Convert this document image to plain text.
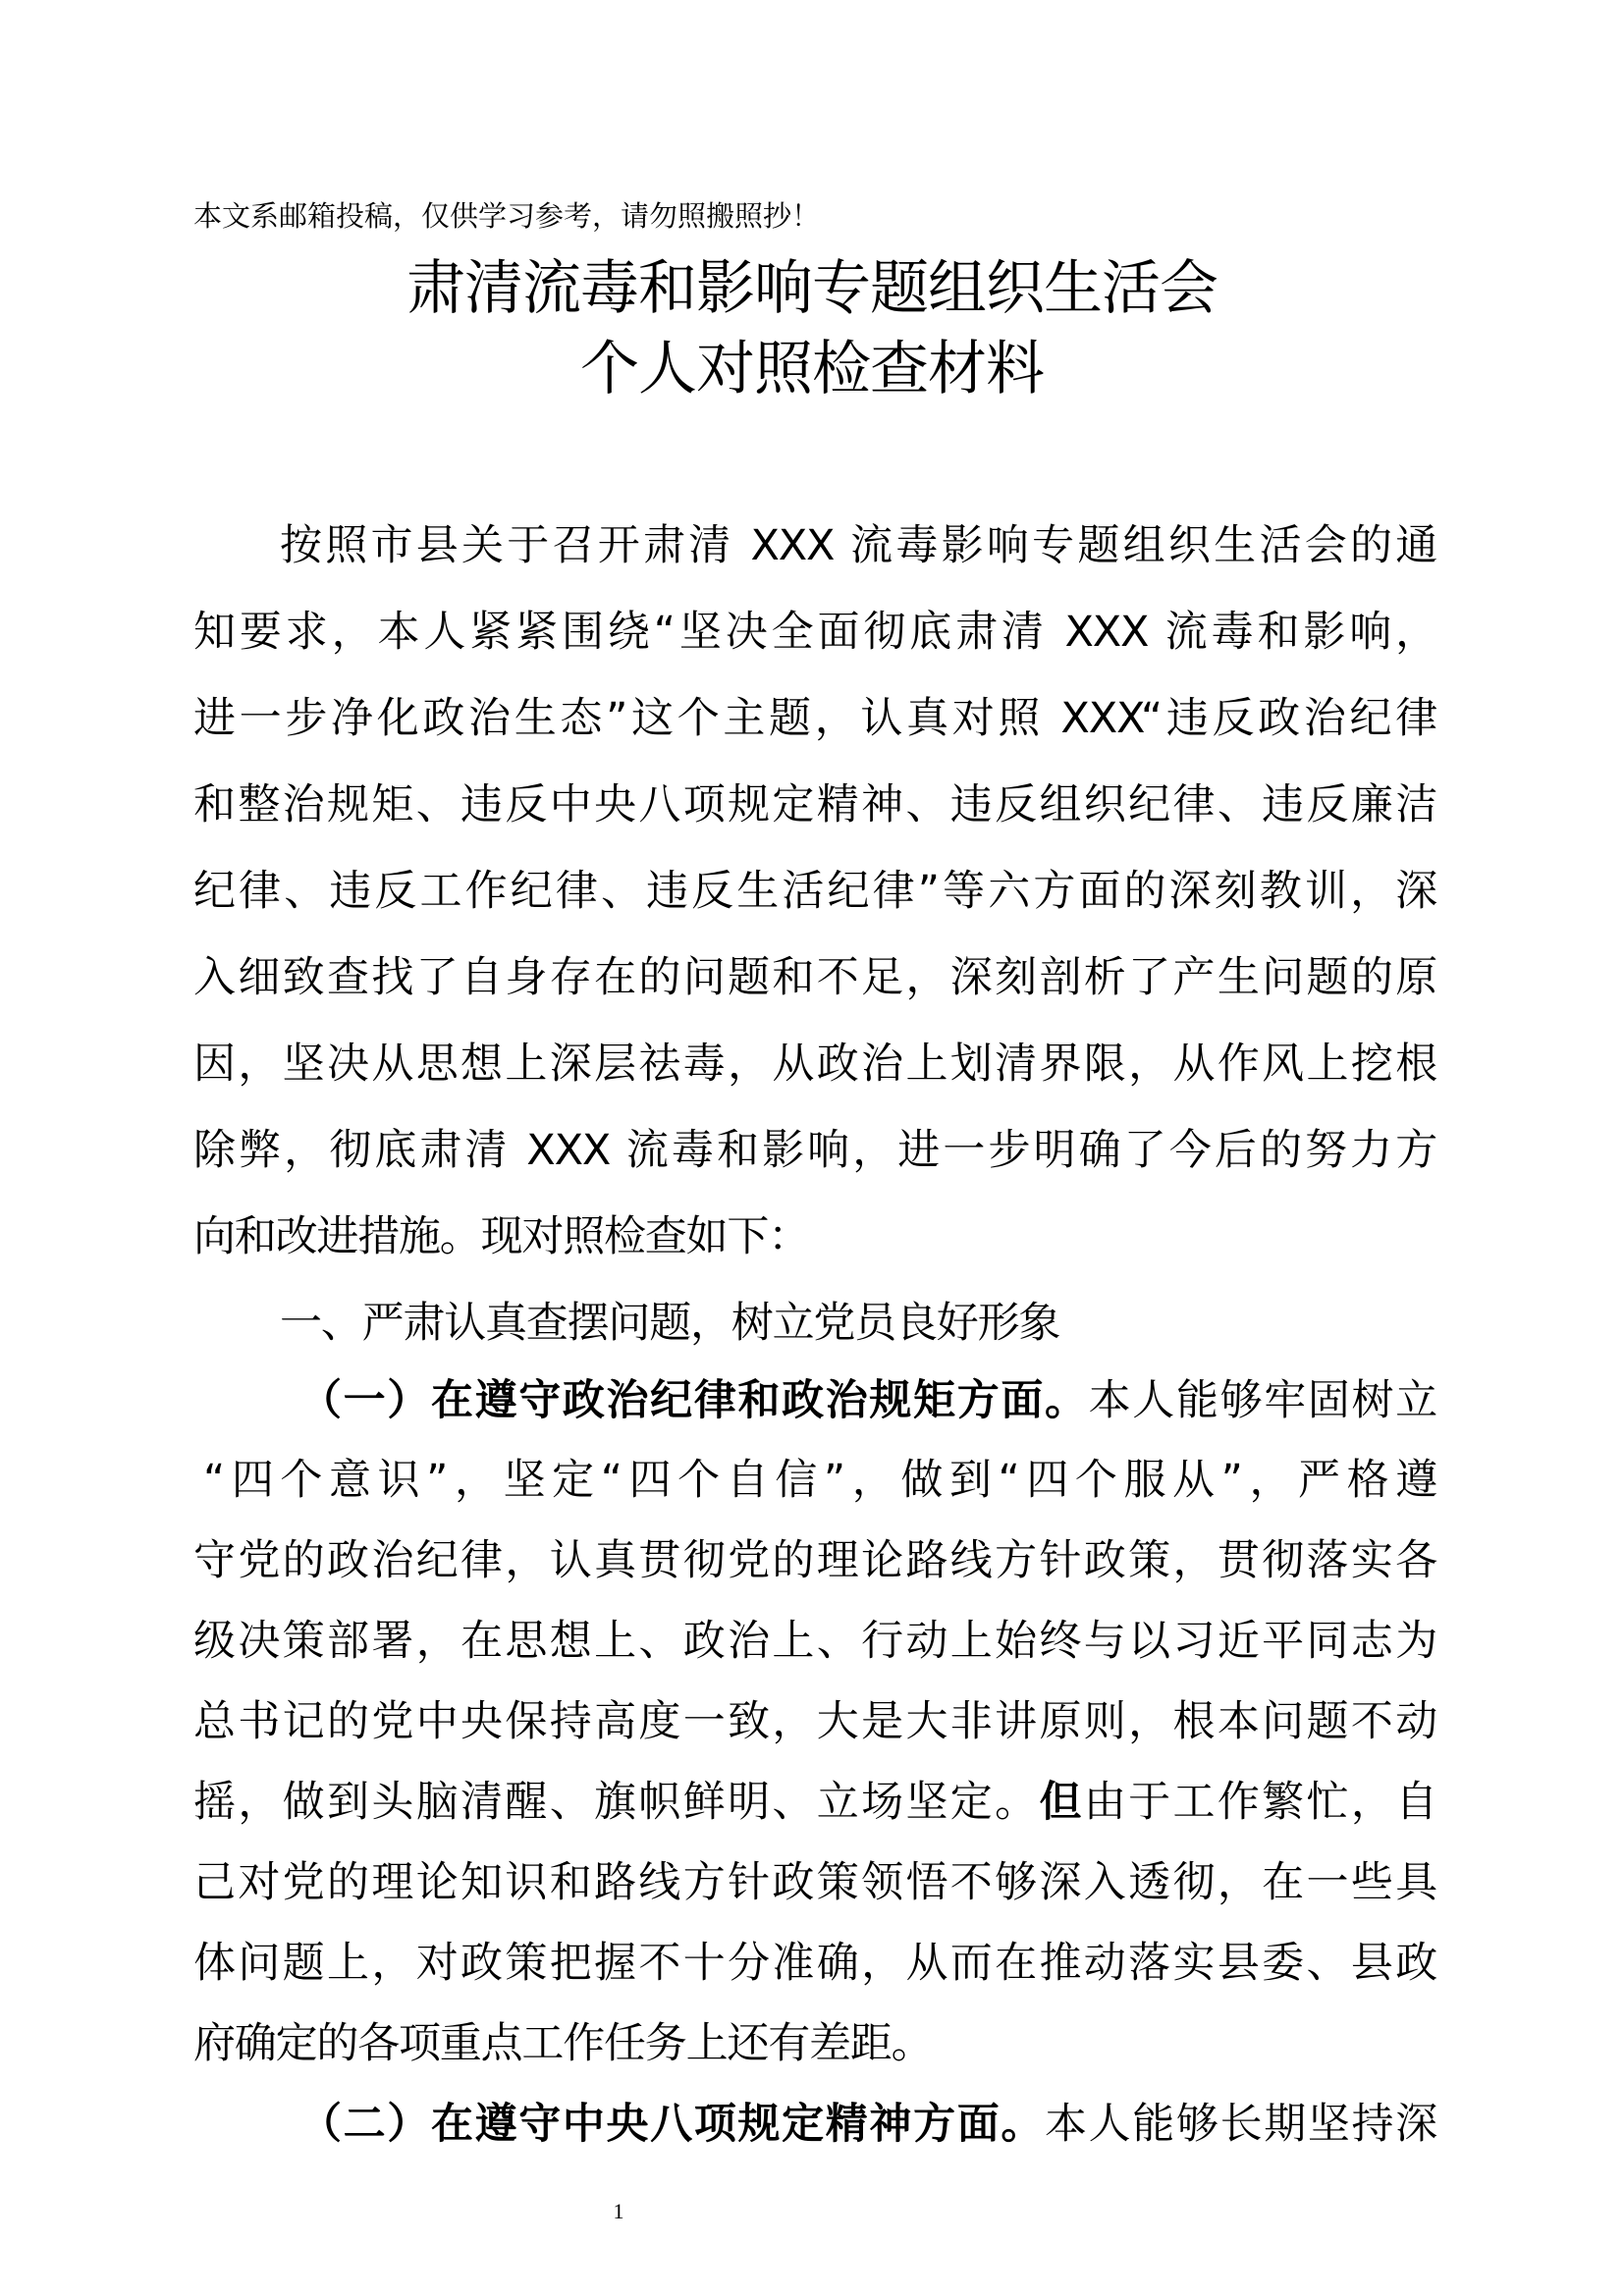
本文系邮箱投稿，仅供学习参考，请勿照搬照抄！
肃清流毒和影响专题组织生活会
个人对照检查材料
按照市县关于召开肃清 XXX 流毒影响专题组织生活会的通
知要求，本人紧紧围绕“坚决全面彻底肃清 XXX 流毒和影响，
进一步净化政治生态”这个主题，认真对照 XXX“违反政治纪律
和整治规矩、违反中央八项规定精神、违反组织纪律、违反廉洁
纪律、违反工作纪律、违反生活纪律”等六方面的深刻教训，深
入细致查找了自身存在的问题和不足，深刻剖析了产生问题的原
因，坚决从思想上深层祛毒，从政治上划清界限，从作风上挖根
除弊，彻底肃清 XXX 流毒和影响，进一步明确了今后的努力方
向和改进措施。现对照检查如下：
一、严肃认真查摆问题，树立党员良好形象
（一）在遵守政治纪律和政治规矩方面。本人能够牢固树立
“四个意识”，坚定“四个自信”，做到“四个服从”，严格遵
守党的政治纪律，认真贯彻党的理论路线方针政策，贯彻落实各
级决策部署，在思想上、政治上、行动上始终与以习近平同志为
总书记的党中央保持高度一致，大是大非讲原则，根本问题不动
摇，做到头脑清醒、旗帜鲜明、立场坚定。但由于工作繁忙，自
己对党的理论知识和路线方针政策领悟不够深入透彻，在一些具
体问题上，对政策把握不十分准确，从而在推动落实县委、县政
府确定的各项重点工作任务上还有差距。
（二）在遵守中央八项规定精神方面。本人能够长期坚持深
1
